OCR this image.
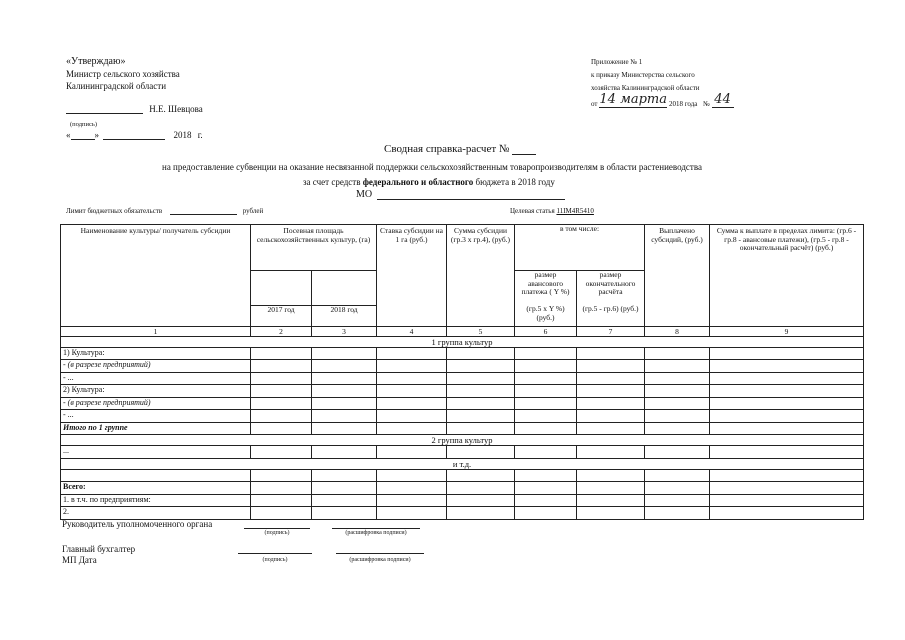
«Утверждаю»
Министр сельского хозяйства
Калининградской области
Н.Е. Шевцова
(подпись)
«	»	2018 г.
Приложение № 1
к приказу Министерства сельского
хозяйства Калининградской области
от 14 марта 2018 года № 44
Сводная справка-расчет №
на предоставление субвенции на оказание несвязанной поддержки сельскохозяйственным товаропроизводителям в области растениеводства
за счет средств федерального и областного бюджета в 2018 году
МО
Лимит бюджетных обязательств	рублей	Целевая статья 11IМ4R5410
Наименование культуры/ получатель субсидии	Посевная площадь сельскохозяйственных культур, (га)		Ставка субсидии на 1 га (руб.)	Сумма субсидии (гр.3 х гр.4), (руб.)	в том числе:		Выплачено субсидий, (руб.)	Сумма к выплате в пределах лимита: (гр.6 - гр.8 - авансовые платежи), (гр.5 - гр.8 - окончательный расчёт) (руб.)
					размер авансового платежа ( Y %)	размер окончательного расчёта		
	2017 год	2018 год			(гр.5 х Y %) (руб.)	(гр.5 - гр.6) (руб.)		
1	2	3	4	5	6	7	8	9
1 группа культур								
1) Культура:								
- (в разрезе предприятий)								
- ...								
2) Культура:								
- (в разрезе предприятий)								
- ...								
Итого по 1 группе								
2 группа культур								
...								
и т.д.								

Всего:								
1. в т.ч. по предприятиям:								
2.								
Руководитель уполномоченного органа
(подпись)	(расшифровка подписи)
Главный бухгалтер
МП Дата	(подпись)	(расшифровка подписи)
